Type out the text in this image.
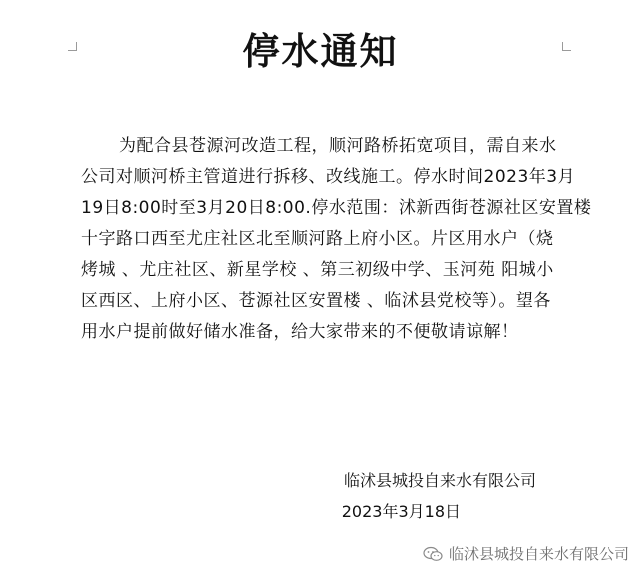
停水通知
为配合县苍源河改造工程，顺河路桥拓宽项目，需自来水
公司对顺河桥主管道进行拆移、改线施工。停水时间2023年3月
19日8:00时至3月20日8:00.停水范围：沭新西街苍源社区安置楼
十字路口西至尤庄社区北至顺河路上府小区。片区用水户（烧
烤城 、尤庄社区、新星学校 、第三初级中学、玉河苑 阳城小
区西区、上府小区、苍源社区安置楼 、临沭县党校等）。望各
用水户提前做好储水准备，给大家带来的不便敬请谅解！
临沭县城投自来水有限公司
2023年3月18日
临沭县城投自来水有限公司
